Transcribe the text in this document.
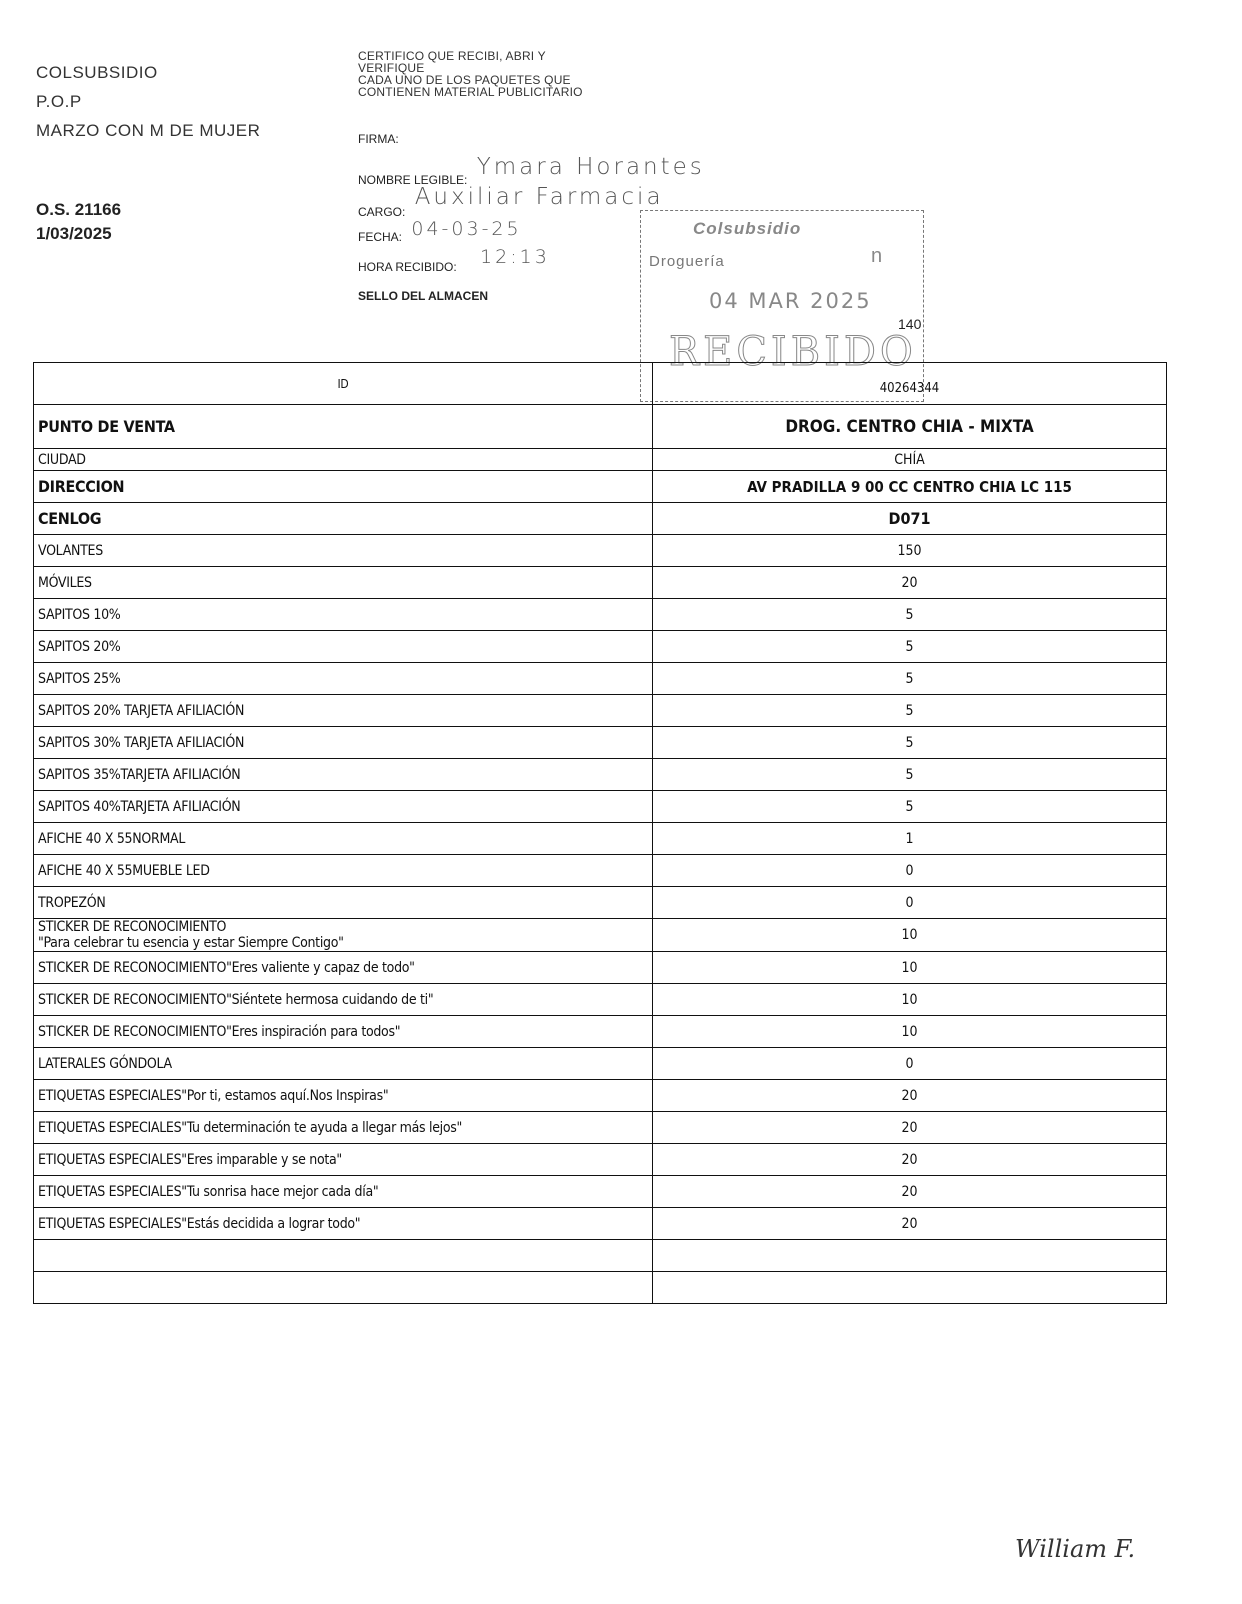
COLSUBSIDIO
P.O.P
MARZO CON M DE MUJER
O.S. 21166
1/03/2025
CERTIFICO QUE RECIBI, ABRI Y
VERIFIQUE
CADA UNO DE LOS PAQUETES QUE
CONTIENEN MATERIAL PUBLICITARIO
FIRMA:
NOMBRE LEGIBLE: Ymara Horantes
CARGO: Auxiliar Farmacia
FECHA: 04-03-25
HORA RECIBIDO: 12:13
SELLO DEL ALMACEN
Colsubsidio
Droguería	n
04 MAR 2025
RECIBIDO
140
ID	40264344
PUNTO DE VENTA	DROG. CENTRO CHIA - MIXTA
CIUDAD	CHÍA
DIRECCION	AV PRADILLA 9 00 CC CENTRO CHIA LC 115
CENLOG	D071
VOLANTES	150
MÓVILES	20
SAPITOS 10%	5
SAPITOS 20%	5
SAPITOS 25%	5
SAPITOS 20% TARJETA AFILIACIÓN	5
SAPITOS 30% TARJETA AFILIACIÓN	5
SAPITOS 35%TARJETA AFILIACIÓN	5
SAPITOS 40%TARJETA AFILIACIÓN	5
AFICHE 40 X 55NORMAL	1
AFICHE 40 X 55MUEBLE LED	0
TROPEZÓN	0

STICKER DE RECONOCIMIENTO
"Para celebrar tu esencia y estar Siempre Contigo"	10
STICKER DE RECONOCIMIENTO"Eres valiente y capaz de todo"	10
STICKER DE RECONOCIMIENTO"Siéntete hermosa cuidando de ti"	10
STICKER DE RECONOCIMIENTO"Eres inspiración para todos"	10
LATERALES GÓNDOLA	0
ETIQUETAS ESPECIALES"Por ti, estamos aquí.Nos Inspiras"	20
ETIQUETAS ESPECIALES"Tu determinación te ayuda a llegar más lejos"	20
ETIQUETAS ESPECIALES"Eres imparable y se nota"	20
ETIQUETAS ESPECIALES"Tu sonrisa hace mejor cada día"	20
ETIQUETAS ESPECIALES"Estás decidida a lograr todo"	20

William F.
